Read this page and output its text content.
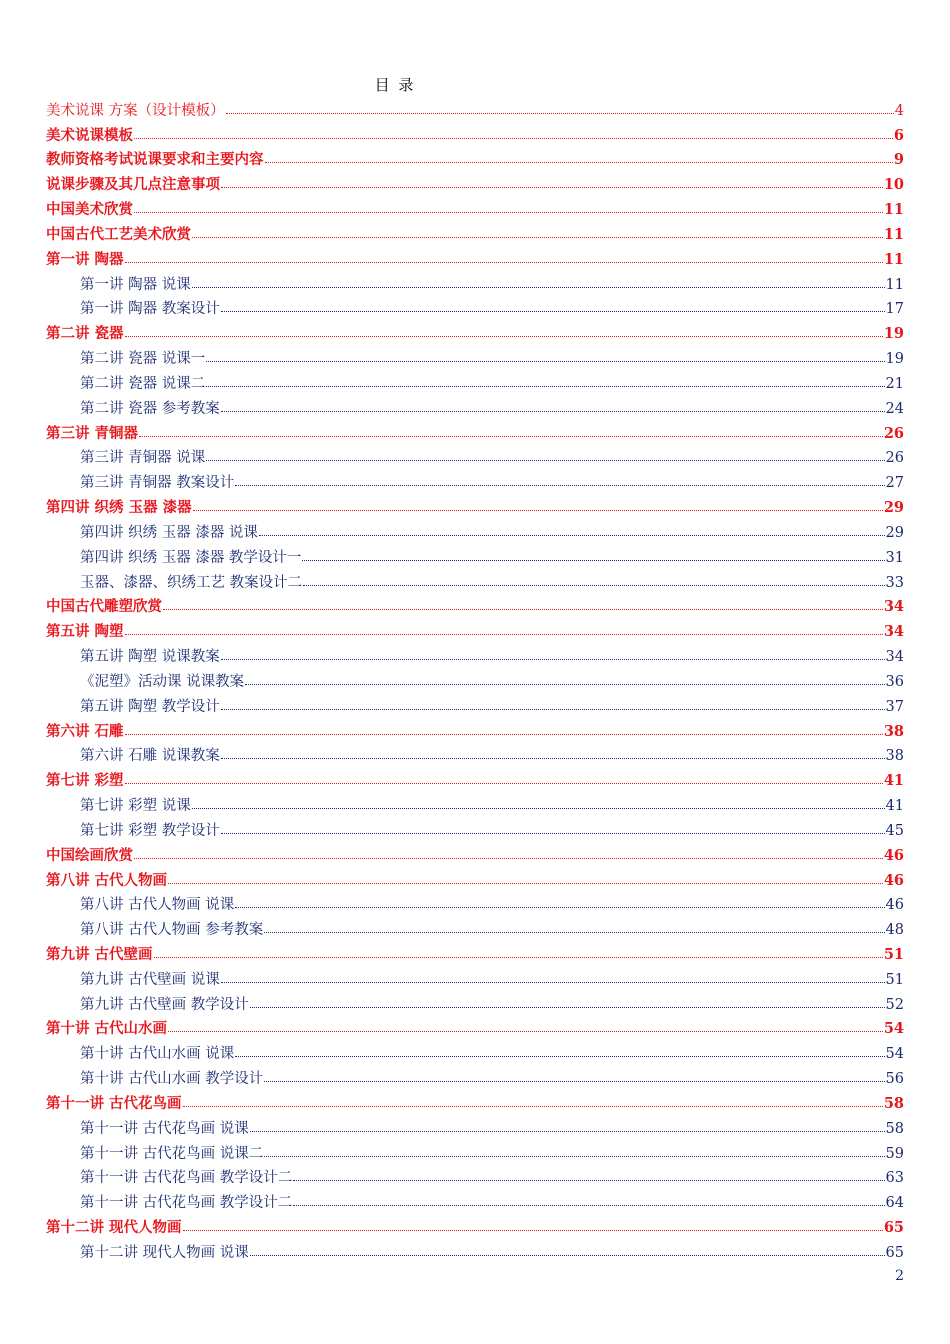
目 录
美术说课 方案（设计模板）	4
美术说课模板	6
教师资格考试说课要求和主要内容	9
说课步骤及其几点注意事项	10
中国美术欣赏	11
中国古代工艺美术欣赏	11
第一讲 陶器	11
第一讲 陶器 说课	11
第一讲 陶器 教案设计	17
第二讲 瓷器	19
第二讲 瓷器 说课一	19
第二讲 瓷器 说课二	21
第二讲 瓷器 参考教案	24
第三讲 青铜器	26
第三讲 青铜器 说课	26
第三讲 青铜器 教案设计	27
第四讲 织绣 玉器 漆器	29
第四讲 织绣 玉器 漆器 说课	29
第四讲 织绣 玉器 漆器 教学设计一	31
玉器、漆器、织绣工艺 教案设计二	33
中国古代雕塑欣赏	34
第五讲 陶塑	34
第五讲 陶塑 说课教案	34
《泥塑》活动课 说课教案	36
第五讲 陶塑 教学设计	37
第六讲 石雕	38
第六讲 石雕 说课教案	38
第七讲 彩塑	41
第七讲 彩塑 说课	41
第七讲 彩塑 教学设计	45
中国绘画欣赏	46
第八讲 古代人物画	46
第八讲 古代人物画 说课	46
第八讲 古代人物画 参考教案	48
第九讲 古代壁画	51
第九讲 古代壁画 说课	51
第九讲 古代壁画 教学设计	52
第十讲 古代山水画	54
第十讲 古代山水画 说课	54
第十讲 古代山水画 教学设计	56
第十一讲 古代花鸟画	58
第十一讲 古代花鸟画 说课	58
第十一讲 古代花鸟画 说课二	59
第十一讲 古代花鸟画 教学设计二	63
第十一讲 古代花鸟画 教学设计二	64
第十二讲 现代人物画	65
第十二讲 现代人物画 说课	65
2
